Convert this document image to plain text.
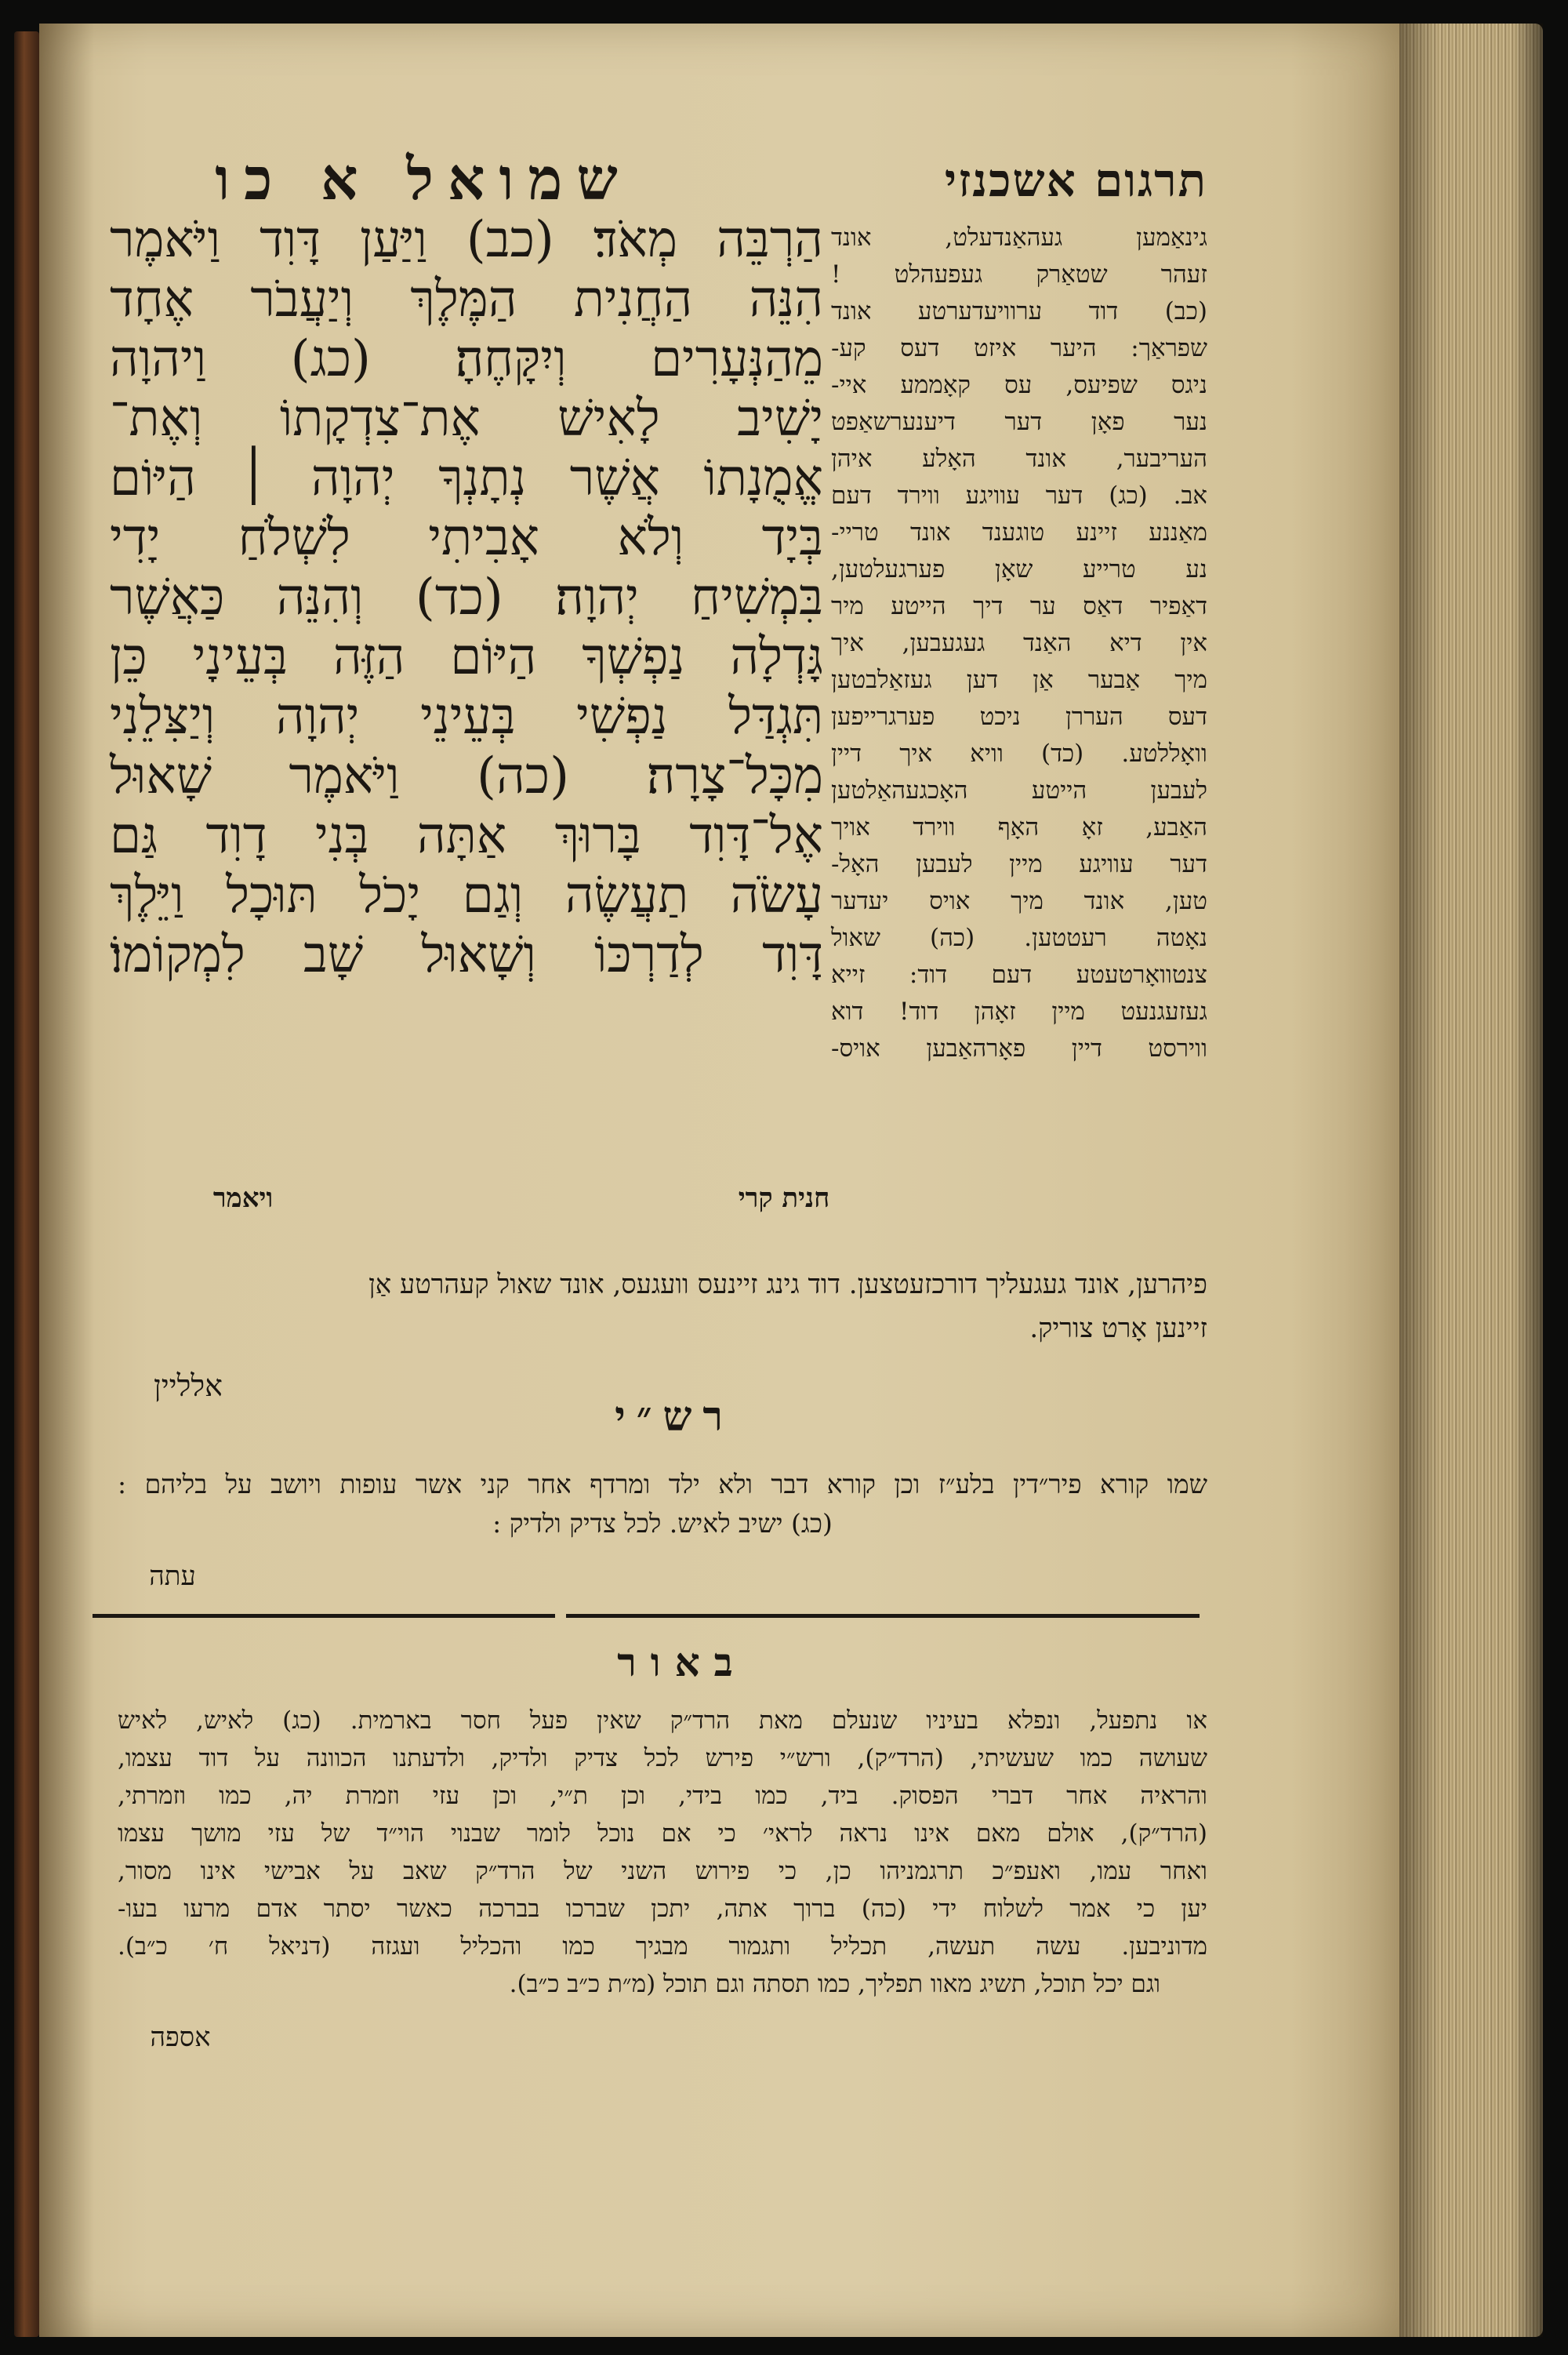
תרגום אשכנזי
שמואל א כו
הַרְבֵּה מְאֹד׃ (כב) וַיַּעַן דָּוִד וַיֹּאמֶר
הִנֵּה הַחֲנִית הַמֶּלֶךְ וְיַעֲבֹר אֶחָד
מֵהַנְּעָרִים וְיִקָּחֶהָ׃ (כג) וַיהוָה
יָשִׁיב לָאִישׁ אֶת־צִדְקָתוֹ וְאֶת־
אֱמֻנָתוֹ אֲשֶׁר נְתָנְךָ יְהוָה ׀ הַיּוֹם
בְּיָד וְלֹא אָבִיתִי לִשְׁלֹחַ יָדִי
בִּמְשִׁיחַ יְהוָה׃ (כד) וְהִנֵּה כַּאֲשֶׁר
גָּדְלָה נַפְשְׁךָ הַיּוֹם הַזֶּה בְּעֵינָי כֵּן
תִּגְדַּל נַפְשִׁי בְּעֵינֵי יְהוָה וְיַצִּלֵנִי
מִכָּל־צָרָה׃ (כה) וַיֹּאמֶר שָׁאוּל
אֶל־דָּוִד בָּרוּךְ אַתָּה בְּנִי דָוִד גַּם
עָשֹׂה תַעֲשֶׂה וְגַם יָכֹל תּוּכָל וַיֵּלֶךְ
דָּוִד לְדַרְכּוֹ וְשָׁאוּל שָׁב לִמְקוֹמוֹ׃
גינאַמען געהאַנדעלט, אונד
זעהר שטאַרק געפעהלט !
(כב) דוד ערוויעדערטע אונד
שפראַך: היער איזט דעס קע-
ניגס שפיעס, עס קאָממע איי-
נער פאָן דער דיענערשאַפט
העריבער, אונד האָלע איהן
אב. (כג) דער עוויגע ווירד דעם
מאַננע זיינע טוגענד אונד טריי-
נע טרייע שאָן פערגעלטען,
דאַפיר דאַס ער דיך הייטע מיר
אין דיא האַנד געגעבען, איך
מיך אַבער אַן דען געזאַלבטען
דעס העררן ניכט פערגרייפען
וואָללטע. (כד) וויא איך דיין
לעבען הייטע האָכגעהאַלטען
האַבע, זאָ האָף ווירד אויך
דער עוויגע מיין לעבען האָל-
טען, אונד מיך אויס יעדער
נאָטה רעטטען. (כה) שאול
צנטוואָרטעטע דעם דוד: זייא
געזעגנעט מיין זאָהן דוד! דוא
ווירסט דיין פאָרהאַבען אויס-
חנית קרי
ויאמר
פיהרען, אונד געגעליך דורכזעטצען. דוד גינג זיינעס וועגעס, אונד שאול קעהרטע אַן
זיינען אָרט צוריק.
אלליין
רש״י
שמו קורא פיר״דין בלע״ז וכן קורא דבר ולא ילד ומרדף אחר קני אשר עופות ויושב על בליהם :
(כג) ישיב לאיש. לכל צדיק ולדיק :
עתה
באור
או נתפעל, ונפלא בעיניו שנעלם מאת הרד״ק שאין פעל חסר בארמית. (כג) לאיש, לאיש
שעושה כמו שעשיתי, (הרד״ק), ורש״י פירש לכל צדיק ולדיק, ולדעתנו הכוונה על דוד עצמו,
והראיה אחר דברי הפסוק. ביד, כמו בידי, וכן ת״י, וכן עזי וזמרת יה, כמו וזמרתי,
(הרד״ק), אולם מאם אינו נראה לראי׳ כי אם נוכל לומר שבנוי הוי״ד של עזי מושך עצמו
ואחר עמו, ואעפ״כ תרגמניהו כן, כי פירוש השני של הרד״ק שאב על אבישי אינו מסור,
יען כי אמר לשלוח ידי (כה) ברוך אתה, יתכן שברכו בברכה כאשר יסתר אדם מרעו בעו-
מדוניבען. עשה תעשה, תכליל ותגמור מבגיך כמו והכליל ועגזה (דניאל ח׳ כ״ב).
וגם יכל תוכל, תשיג מאוו תפליך, כמו תסתה וגם תוכל (מ״ת כ״ב כ״ב).
אספה
